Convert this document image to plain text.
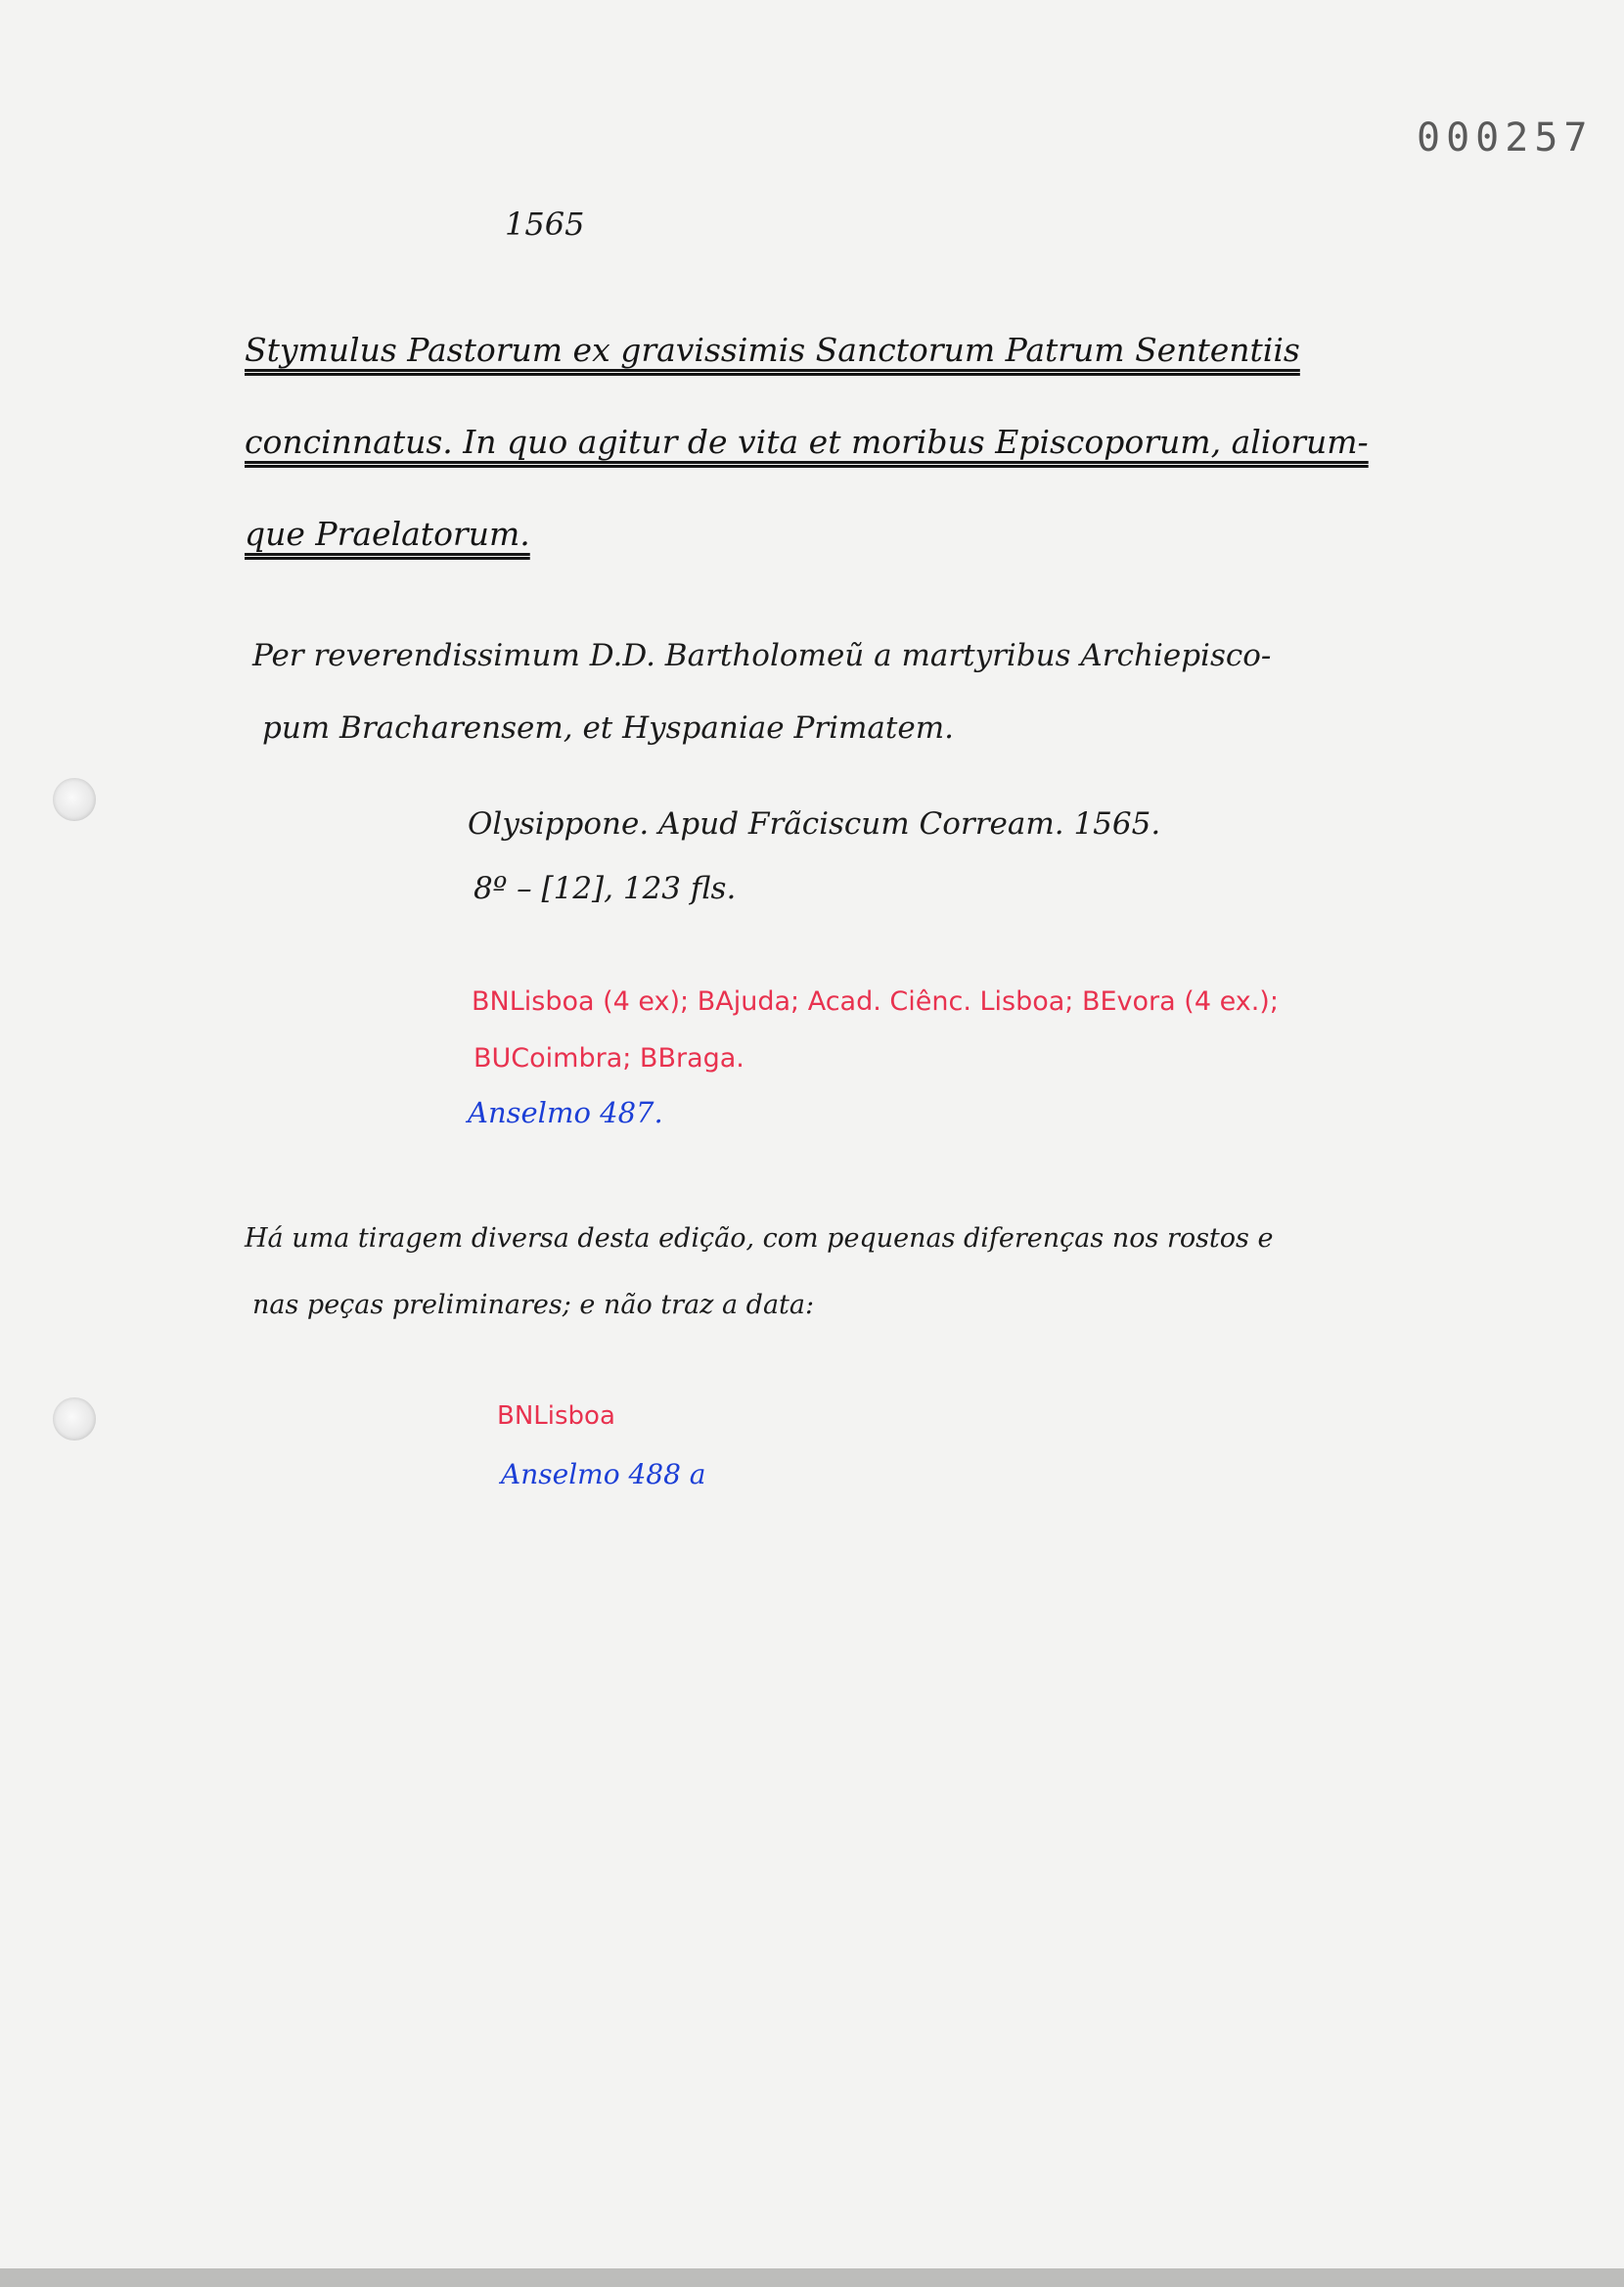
000257
1565
Stymulus Pastorum ex gravissimis Sanctorum Patrum Sententiis
concinnatus. In quo agitur de vita et moribus Episcoporum, aliorum-
que Praelatorum.
Per reverendissimum D.D. Bartholomeũ a martyribus Archiepisco-
pum Bracharensem, et Hyspaniae Primatem.
Olysippone. Apud Frãciscum Corream. 1565.
8º – [12], 123 fls.
BNLisboa (4 ex); BAjuda; Acad. Ciênc. Lisboa; BEvora (4 ex.);
BUCoimbra; BBraga.
Anselmo 487.
Há uma tiragem diversa desta edição, com pequenas diferenças nos rostos e
nas peças preliminares; e não traz a data:
BNLisboa
Anselmo 488 a
